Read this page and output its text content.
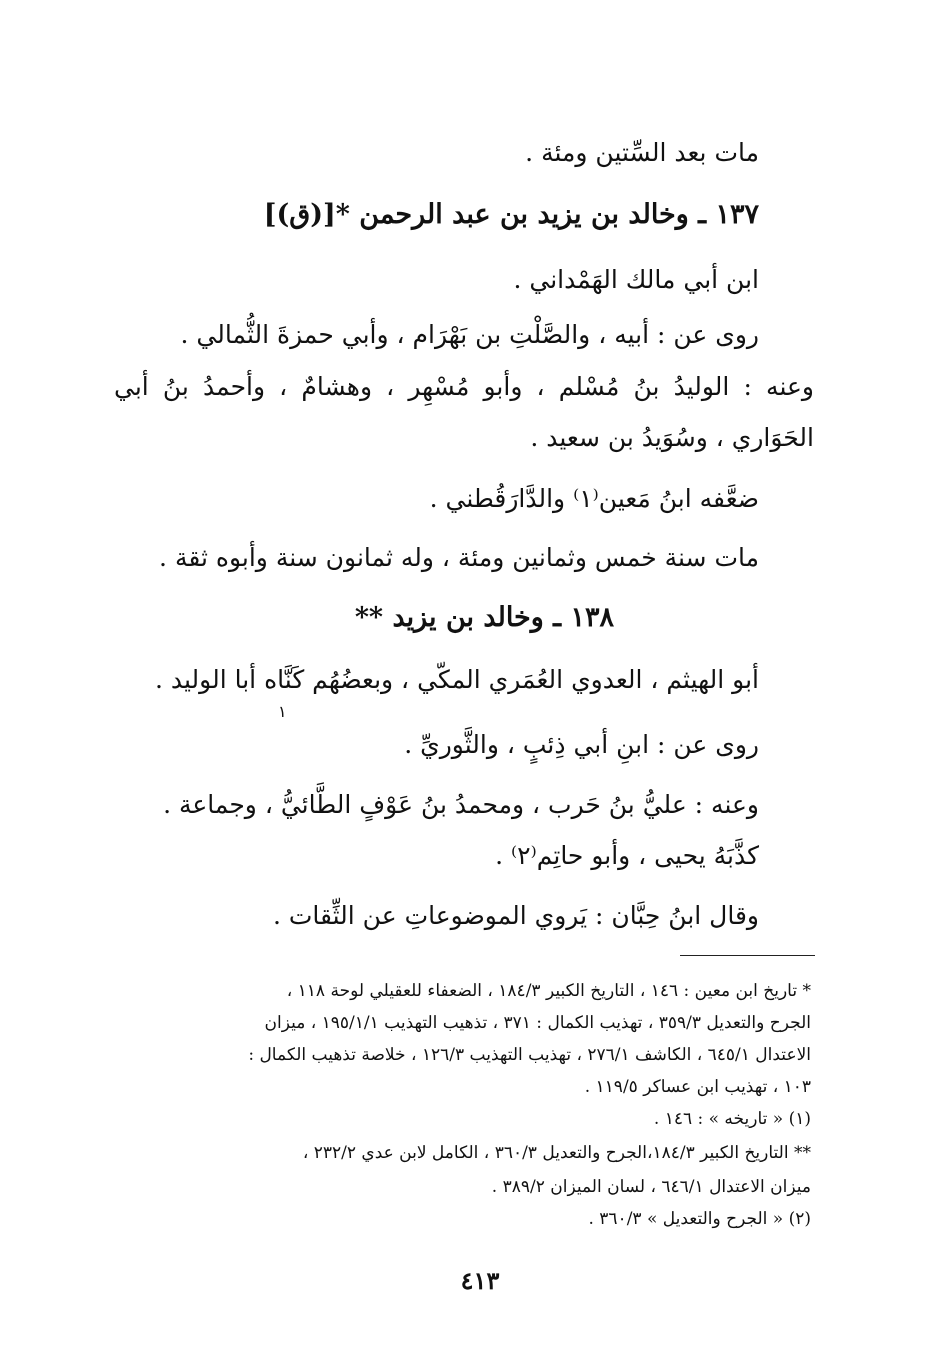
مات بعد السِّتين ومئة .
١٣٧ ـ وخالد بن يزيد بن عبد الرحمن *[(ق)]
ابن أبي مالك الهَمْداني .
روى عن : أبيه ، والصَّلْتِ بن بَهْرَام ، وأبي حمزةَ الثُّمالي .
وعنه : الوليدُ بنُ مُسْلم ، وأبو مُسْهِر ، وهشامٌ ، وأحمدُ بنُ أبي
الحَوَاري ، وسُوَيدُ بن سعيد .
ضعَّفه ابنُ مَعين⁽١⁾ والدَّارَقُطني .
مات سنة خمس وثمانين ومئة ، وله ثمانون سنة وأبوه ثقة .
١٣٨ ـ وخالد بن يزيد **
أبو الهيثم ، العدوي العُمَري المكّي ، وبعضُهُم كَنَّاه أبا الوليد .
١
روى عن : ابنِ أبي ذِئبٍ ، والثَّوريِّ .
وعنه : عليُّ بنُ حَرب ، ومحمدُ بنُ عَوْفٍ الطَّائيُّ ، وجماعة .
كذَّبَهُ يحيى ، وأبو حاتِم⁽٢⁾ .
وقال ابنُ حِبَّان : يَروي الموضوعاتِ عن الثِّقات .
* تاريخ ابن معين : ١٤٦ ، التاريخ الكبير ١٨٤/٣ ، الضعفاء للعقيلي لوحة ١١٨ ،
الجرح والتعديل ٣٥٩/٣ ، تهذيب الكمال : ٣٧١ ، تذهيب التهذيب ١٩٥/١/١ ، ميزان
الاعتدال ٦٤٥/١ ، الكاشف ٢٧٦/١ ، تهذيب التهذيب ١٢٦/٣ ، خلاصة تذهيب الكمال :
١٠٣ ، تهذيب ابن عساكر ١١٩/٥ .
(١) « تاريخه » : ١٤٦ .
** التاريخ الكبير ١٨٤/٣،الجرح والتعديل ٣٦٠/٣ ، الكامل لابن عدي ٢٣٢/٢ ،
ميزان الاعتدال ٦٤٦/١ ، لسان الميزان ٣٨٩/٢ .
(٢) « الجرح والتعديل » ٣٦٠/٣ .
٤١٣
